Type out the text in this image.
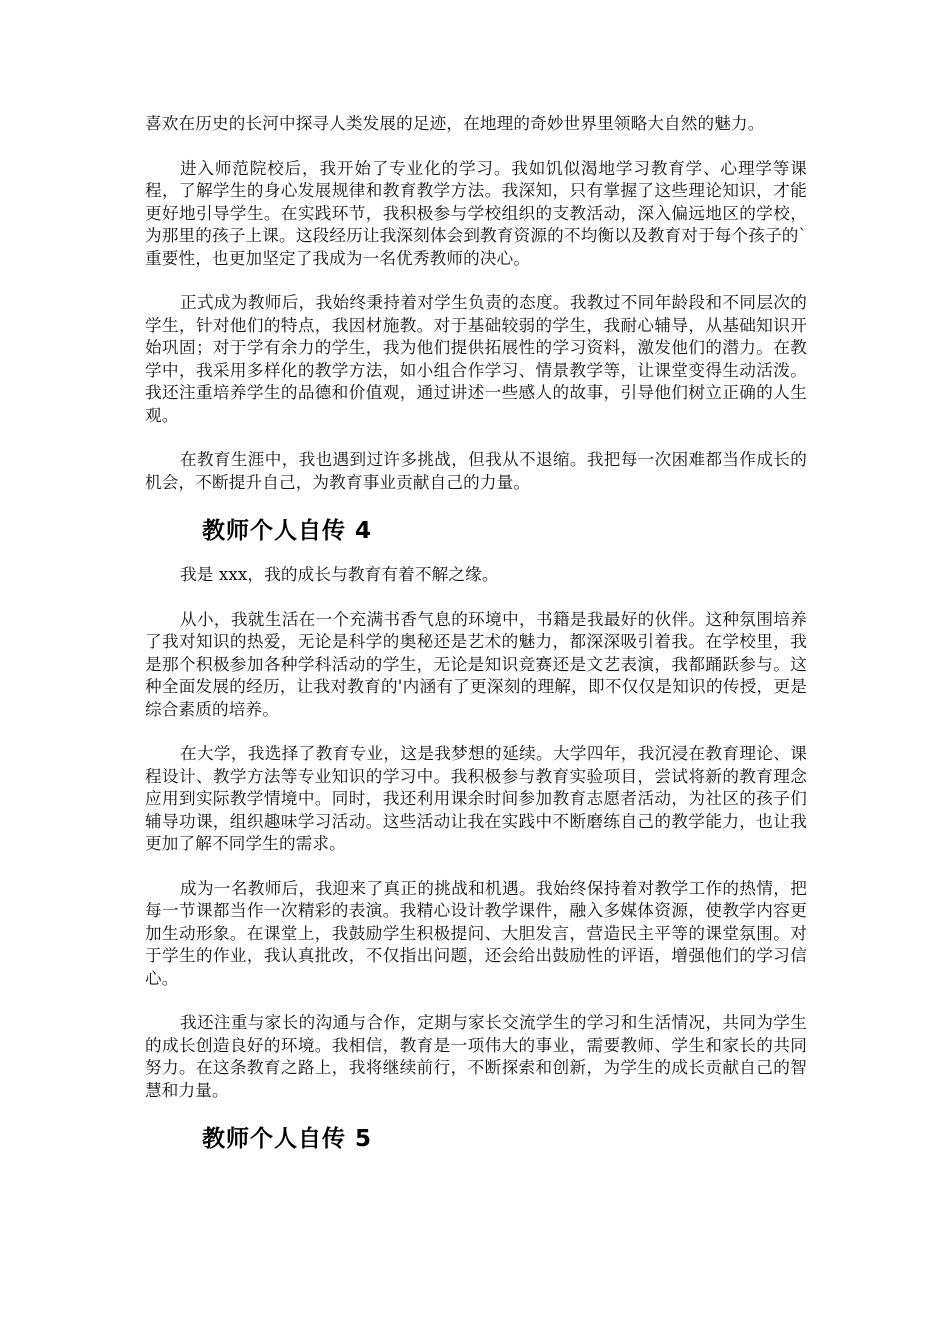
喜欢在历史的长河中探寻人类发展的足迹，在地理的奇妙世界里领略大自然的魅力。

进入师范院校后，我开始了专业化的学习。我如饥似渴地学习教育学、心理学等课程，了解学生的身心发展规律和教育教学方法。我深知，只有掌握了这些理论知识，才能更好地引导学生。在实践环节，我积极参与学校组织的支教活动，深入偏远地区的学校，为那里的孩子上课。这段经历让我深刻体会到教育资源的不均衡以及教育对于每个孩子的`重要性，也更加坚定了我成为一名优秀教师的决心。

正式成为教师后，我始终秉持着对学生负责的态度。我教过不同年龄段和不同层次的学生，针对他们的特点，我因材施教。对于基础较弱的学生，我耐心辅导，从基础知识开始巩固；对于学有余力的学生，我为他们提供拓展性的学习资料，激发他们的潜力。在教学中，我采用多样化的教学方法，如小组合作学习、情景教学等，让课堂变得生动活泼。我还注重培养学生的品德和价值观，通过讲述一些感人的故事，引导他们树立正确的人生观。

在教育生涯中，我也遇到过许多挑战，但我从不退缩。我把每一次困难都当作成长的机会，不断提升自己，为教育事业贡献自己的力量。

教师个人自传 4

我是 xxx，我的成长与教育有着不解之缘。

从小，我就生活在一个充满书香气息的环境中，书籍是我最好的伙伴。这种氛围培养了我对知识的热爱，无论是科学的奥秘还是艺术的魅力，都深深吸引着我。在学校里，我是那个积极参加各种学科活动的学生，无论是知识竞赛还是文艺表演，我都踊跃参与。这种全面发展的经历，让我对教育的'内涵有了更深刻的理解，即不仅仅是知识的传授，更是综合素质的培养。

在大学，我选择了教育专业，这是我梦想的延续。大学四年，我沉浸在教育理论、课程设计、教学方法等专业知识的学习中。我积极参与教育实验项目，尝试将新的教育理念应用到实际教学情境中。同时，我还利用课余时间参加教育志愿者活动，为社区的孩子们辅导功课，组织趣味学习活动。这些活动让我在实践中不断磨练自己的教学能力，也让我更加了解不同学生的需求。

成为一名教师后，我迎来了真正的挑战和机遇。我始终保持着对教学工作的热情，把每一节课都当作一次精彩的表演。我精心设计教学课件，融入多媒体资源，使教学内容更加生动形象。在课堂上，我鼓励学生积极提问、大胆发言，营造民主平等的课堂氛围。对于学生的作业，我认真批改，不仅指出问题，还会给出鼓励性的评语，增强他们的学习信心。

我还注重与家长的沟通与合作，定期与家长交流学生的学习和生活情况，共同为学生的成长创造良好的环境。我相信，教育是一项伟大的事业，需要教师、学生和家长的共同努力。在这条教育之路上，我将继续前行，不断探索和创新，为学生的成长贡献自己的智慧和力量。

教师个人自传 5
